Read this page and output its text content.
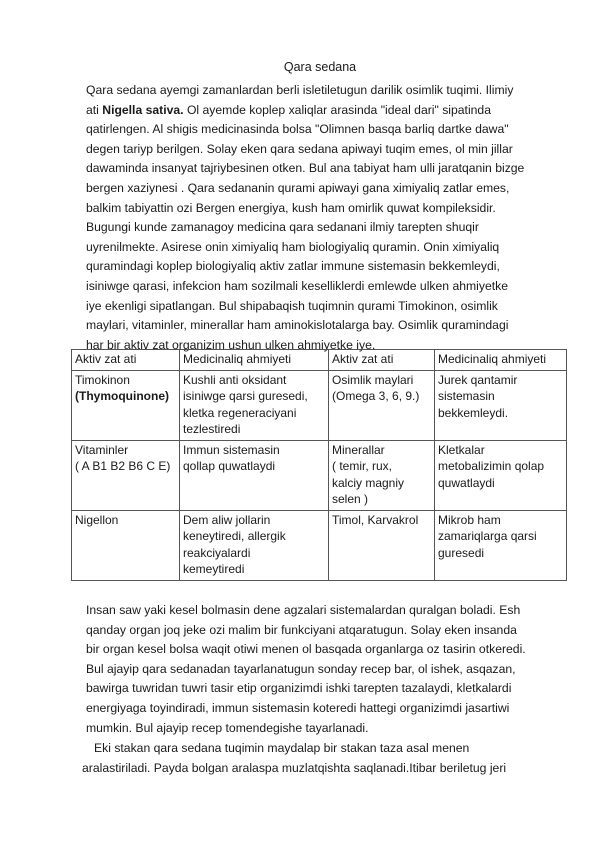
Qara sedana
Qara sedana ayemgi zamanlardan berli isletiletugun darilik osimlik tuqimi. Ilimiy
ati Nigella sativa. Ol ayemde koplep xaliqlar arasinda "ideal dari" sipatinda
qatirlengen. Al shigis medicinasinda bolsa "Olimnen basqa barliq dartke dawa"
degen tariyp berilgen. Solay eken qara sedana apiwayi tuqim emes, ol min jillar
dawaminda insanyat tajriybesinen otken. Bul ana tabiyat ham ulli jaratqanin bizge
bergen xaziynesi . Qara sedananin qurami apiwayi gana ximiyaliq zatlar emes,
balkim tabiyattin ozi Bergen energiya, kush ham omirlik quwat kompileksidir.
Bugungi kunde zamanagoy medicina qara sedanani ilmiy tarepten shuqir
uyrenilmekte. Asirese onin ximiyaliq ham biologiyaliq quramin. Onin ximiyaliq
quramindagi koplep biologiyaliq aktiv zatlar immune sistemasin bekkemleydi,
isiniwge qarasi, infekcion ham sozilmali keselliklerdi emlewde ulken ahmiyetke
iye ekenligi sipatlangan. Bul shipabaqish tuqimnin qurami Timokinon, osimlik
maylari, vitaminler, minerallar ham aminokislotalarga bay. Osimlik quramindagi
har bir aktiv zat organizim ushun ulken ahmiyetke iye.
Aktiv zat ati	Medicinaliq ahmiyeti	Aktiv zat ati	Medicinaliq ahmiyeti

Timokinon
(Thymoquinone)	Kushli anti oksidant
isiniwge qarsi guresedi,
kletka regeneraciyani
tezlestiredi	Osimlik maylari
(Omega 3, 6, 9.)	Jurek qantamir
sistemasin
bekkemleydi.

Vitaminler
( A B1 B2 B6 C E)	Immun sistemasin
qollap quwatlaydi	Minerallar
( temir, rux,
kalciy magniy
selen )	Kletkalar
metobalizimin qolap
quwatlaydi

Nigellon	Dem aliw jollarin
keneytiredi, allergik
reakciyalardi
kemeytiredi	Timol, Karvakrol	Mikrob ham
zamariqlarga qarsi
guresedi
Insan saw yaki kesel bolmasin dene agzalari sistemalardan quralgan boladi. Esh
qanday organ joq jeke ozi malim bir funkciyani atqaratugun. Solay eken insanda
bir organ kesel bolsa waqit otiwi menen ol basqada organlarga oz tasirin otkeredi.
Bul ajayip qara sedanadan tayarlanatugun sonday recep bar, ol ishek, asqazan,
bawirga tuwridan tuwri tasir etip organizimdi ishki tarepten tazalaydi, kletkalardi
energiyaga toyindiradi, immun sistemasin koteredi hattegi organizimdi jasartiwi
mumkin. Bul ajayip recep tomendegishe tayarlanadi.
Eki stakan qara sedana tuqimin maydalap bir stakan taza asal menen
aralastiriladi. Payda bolgan aralaspa muzlatqishta saqlanadi.Itibar beriletug jeri
